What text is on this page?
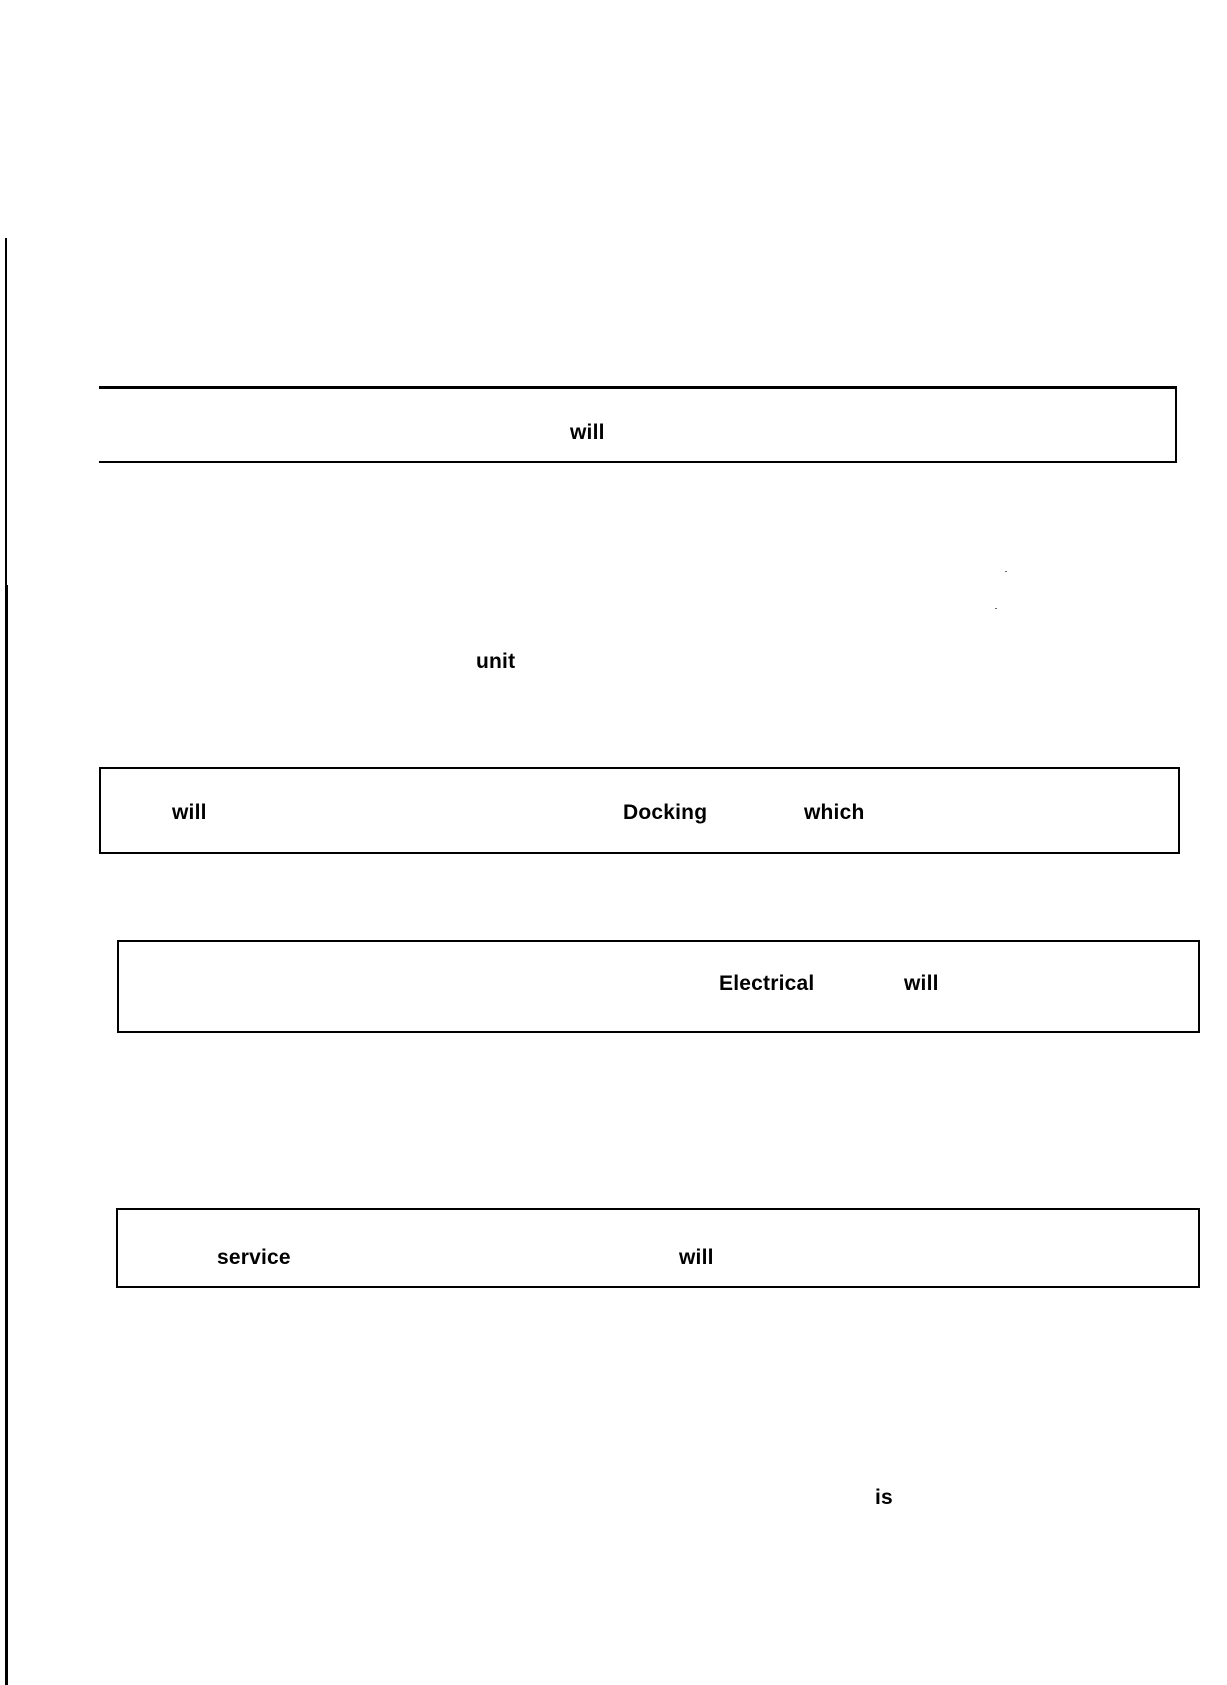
will
unit
will	Docking	which
Electrical	will
service	will
is
